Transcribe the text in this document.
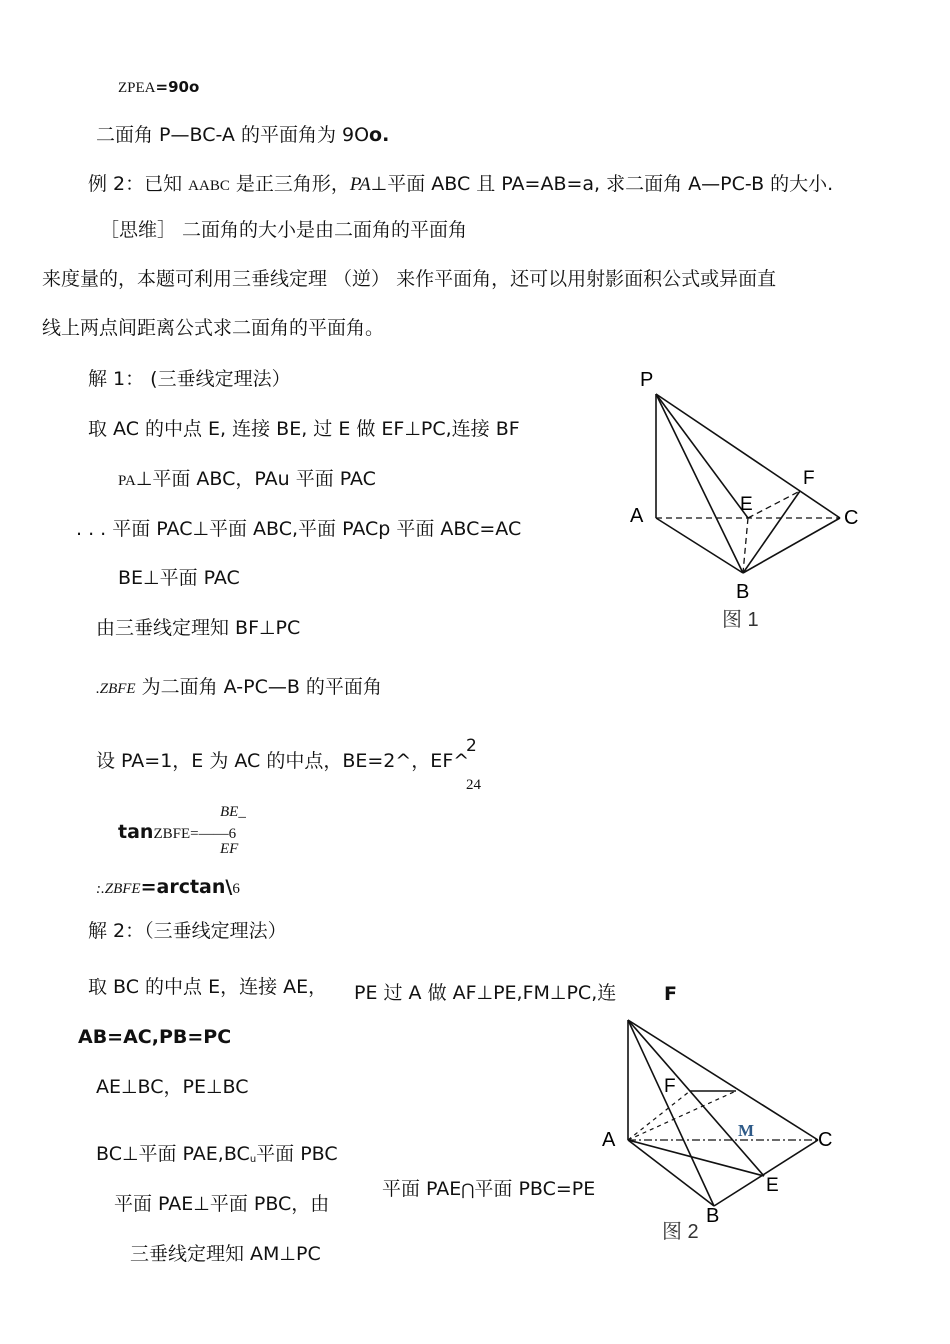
ZPEA=90o
二面角 P—BC-A 的平面角为 9Oo.
例 2：已知 AABC 是正三角形，PA⊥平面 ABC 且 PA=AB=a, 求二面角 A—PC-B 的大小.
［思维］ 二面角的大小是由二面角的平面角
来度量的，本题可利用三垂线定理 （逆） 来作平面角，还可以用射影面积公式或异面直
线上两点间距离公式求二面角的平面角。
解 1： (三垂线定理法）
取 AC 的中点 E, 连接 BE, 过 E 做 EF⊥PC,连接 BF
PA⊥平面 ABC，PAu 平面 PAC
. . . 平面 PAC⊥平面 ABC,平面 PACp 平面 ABC=AC
BE⊥平面 PAC
由三垂线定理知 BF⊥PC
.ZBFE 为二面角 A-PC—B 的平面角
设 PA=1，E 为 AC 的中点，BE=2^，EF^
2
24
BE_
tanZBFE=——6
EF
:.ZBFE=arctan\6
解 2：（三垂线定理法）
取 BC 的中点 E，连接 AE， PE 过 A 做 AF⊥PE,FM⊥PC,连	F
AB=AC,PB=PC
AE⊥BC，PE⊥BC
BC⊥平面 PAE,BCu平面 PBC
平面 PAE⋂平面 PBC=PE
平面 PAE⊥平面 PBC，由
三垂线定理知 AM⊥PC
P
A
B
C
E
F
图 1
F
A	M	C
E
B
图 2
